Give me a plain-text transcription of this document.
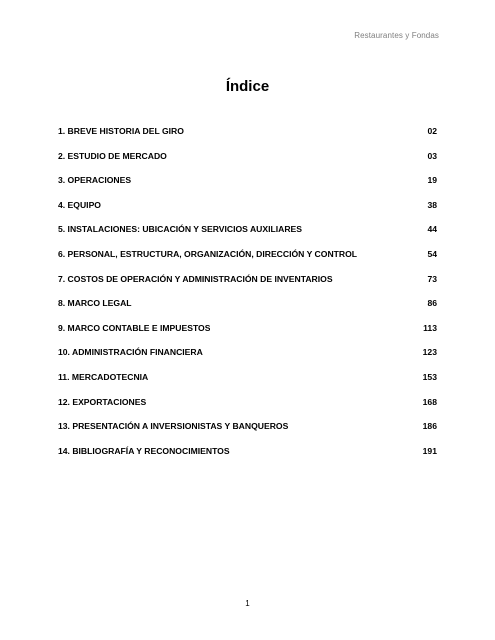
Restaurantes y Fondas
Índice
1. BREVE HISTORIA DEL GIRO	02
2. ESTUDIO DE MERCADO	03
3. OPERACIONES	19
4. EQUIPO	38
5. INSTALACIONES: UBICACIÓN Y SERVICIOS AUXILIARES	44
6. PERSONAL, ESTRUCTURA, ORGANIZACIÓN, DIRECCIÓN Y CONTROL	54
7. COSTOS DE OPERACIÓN Y ADMINISTRACIÓN DE INVENTARIOS	73
8. MARCO LEGAL	86
9. MARCO CONTABLE E IMPUESTOS	113
10. ADMINISTRACIÓN FINANCIERA	123
11. MERCADOTECNIA	153
12. EXPORTACIONES	168
13. PRESENTACIÓN A INVERSIONISTAS Y BANQUEROS	186
14. BIBLIOGRAFÍA Y RECONOCIMIENTOS	191
1
